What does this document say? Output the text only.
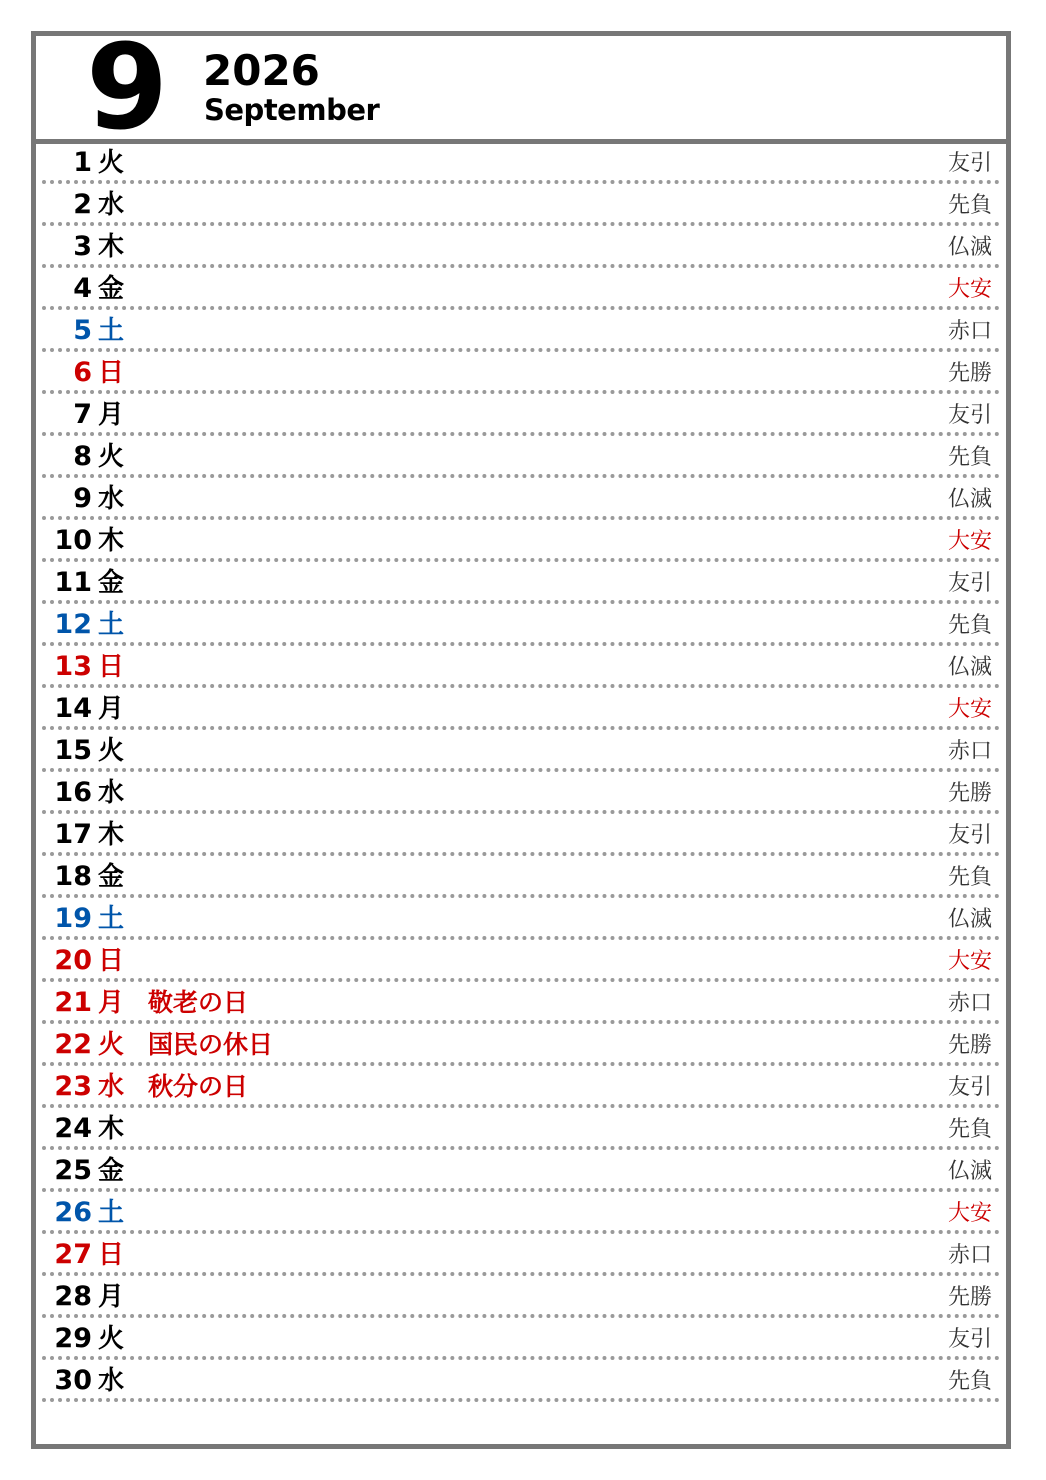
9 2026
September
1 火	友引
2 水	先負
3 木	仏滅
4 金	大安
5 土	赤口
6 日	先勝
7 月	友引
8 火	先負
9 水	仏滅
10 木	大安
11 金	友引
12 土	先負
13 日	仏滅
14 月	大安
15 火	赤口
16 水	先勝
17 木	友引
18 金	先負
19 土	仏滅
20 日	大安
21 月 敬老の日	赤口
22 火 国民の休日	先勝
23 水 秋分の日	友引
24 木	先負
25 金	仏滅
26 土	大安
27 日	赤口
28 月	先勝
29 火	友引
30 水	先負
